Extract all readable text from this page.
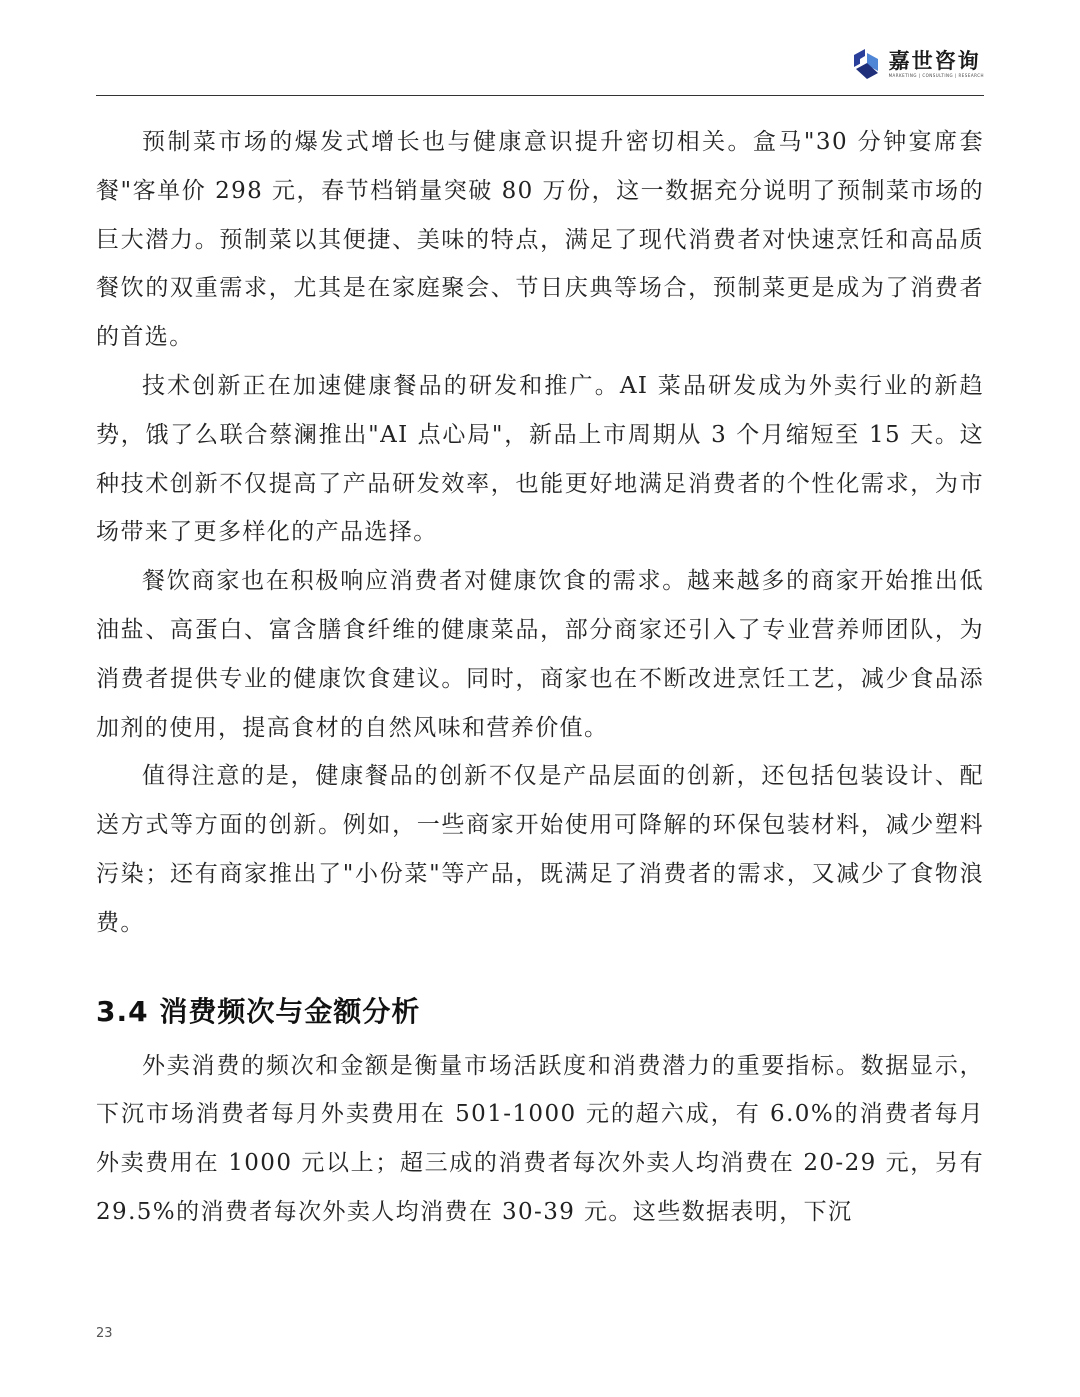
嘉世咨询
MARKETING | CONSULTING | RESEARCH

预制菜市场的爆发式增长也与健康意识提升密切相关。盒马"30 分钟宴席套餐"客单价 298 元，春节档销量突破 80 万份，这一数据充分说明了预制菜市场的巨大潜力。预制菜以其便捷、美味的特点，满足了现代消费者对快速烹饪和高品质餐饮的双重需求，尤其是在家庭聚会、节日庆典等场合，预制菜更是成为了消费者的首选。

技术创新正在加速健康餐品的研发和推广。AI 菜品研发成为外卖行业的新趋势，饿了么联合蔡澜推出"AI 点心局"，新品上市周期从 3 个月缩短至 15 天。这种技术创新不仅提高了产品研发效率，也能更好地满足消费者的个性化需求，为市场带来了更多样化的产品选择。

餐饮商家也在积极响应消费者对健康饮食的需求。越来越多的商家开始推出低油盐、高蛋白、富含膳食纤维的健康菜品，部分商家还引入了专业营养师团队，为消费者提供专业的健康饮食建议。同时，商家也在不断改进烹饪工艺，减少食品添加剂的使用，提高食材的自然风味和营养价值。

值得注意的是，健康餐品的创新不仅是产品层面的创新，还包括包装设计、配送方式等方面的创新。例如，一些商家开始使用可降解的环保包装材料，减少塑料污染；还有商家推出了"小份菜"等产品，既满足了消费者的需求，又减少了食物浪费。

3.4 消费频次与金额分析

外卖消费的频次和金额是衡量市场活跃度和消费潜力的重要指标。数据显示，下沉市场消费者每月外卖费用在 501-1000 元的超六成，有 6.0%的消费者每月外卖费用在 1000 元以上；超三成的消费者每次外卖人均消费在 20-29 元，另有 29.5%的消费者每次外卖人均消费在 30-39 元。这些数据表明，下沉

23
